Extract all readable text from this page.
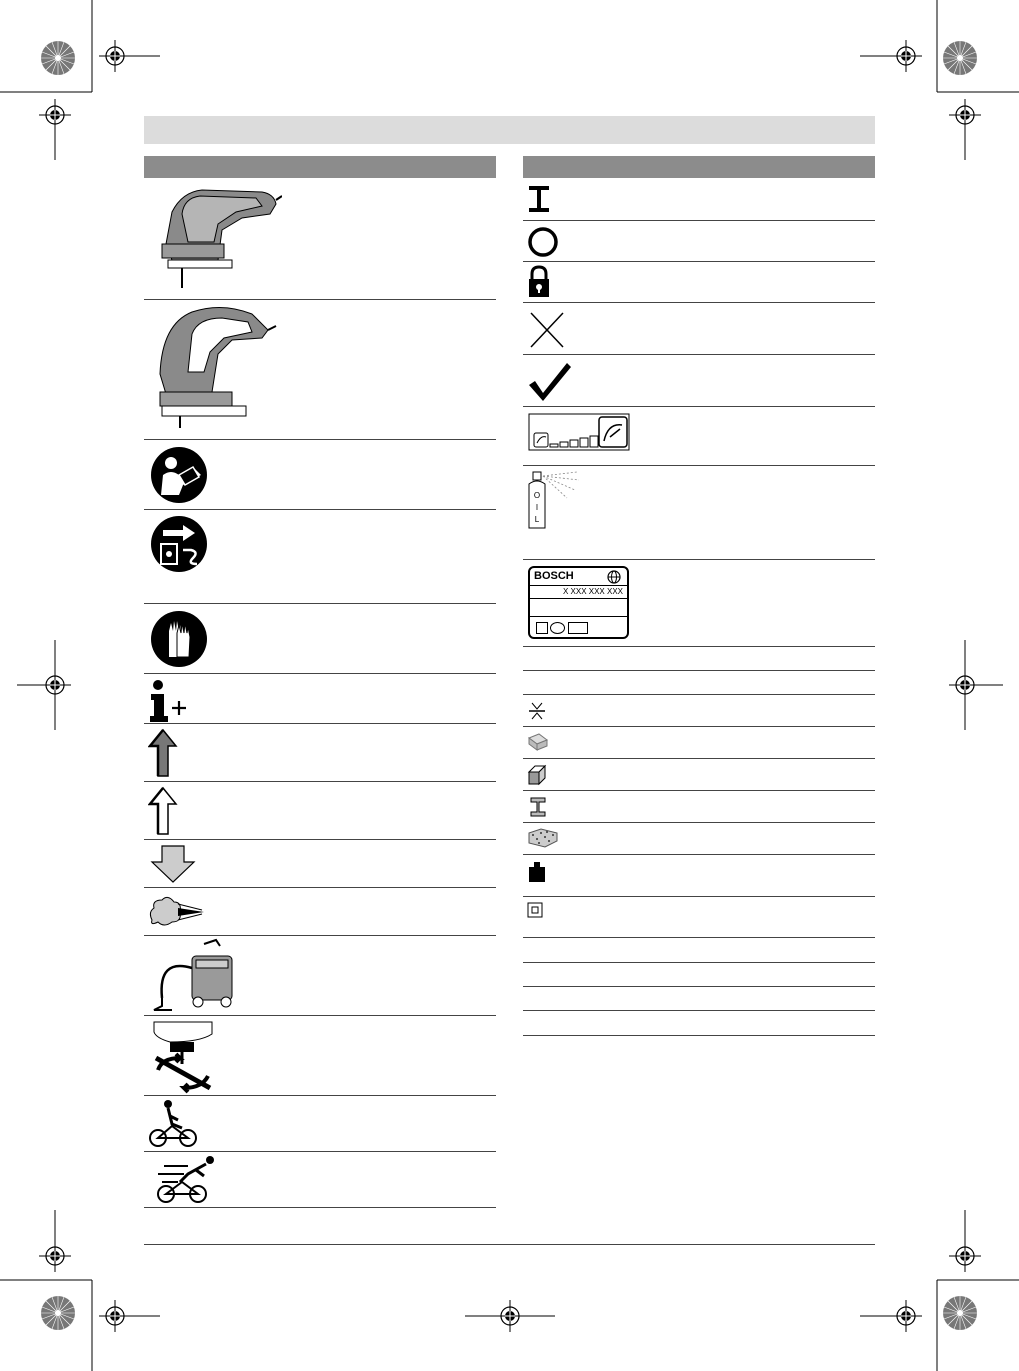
O
I
L
BOSCH
X XXX XXX XXX
